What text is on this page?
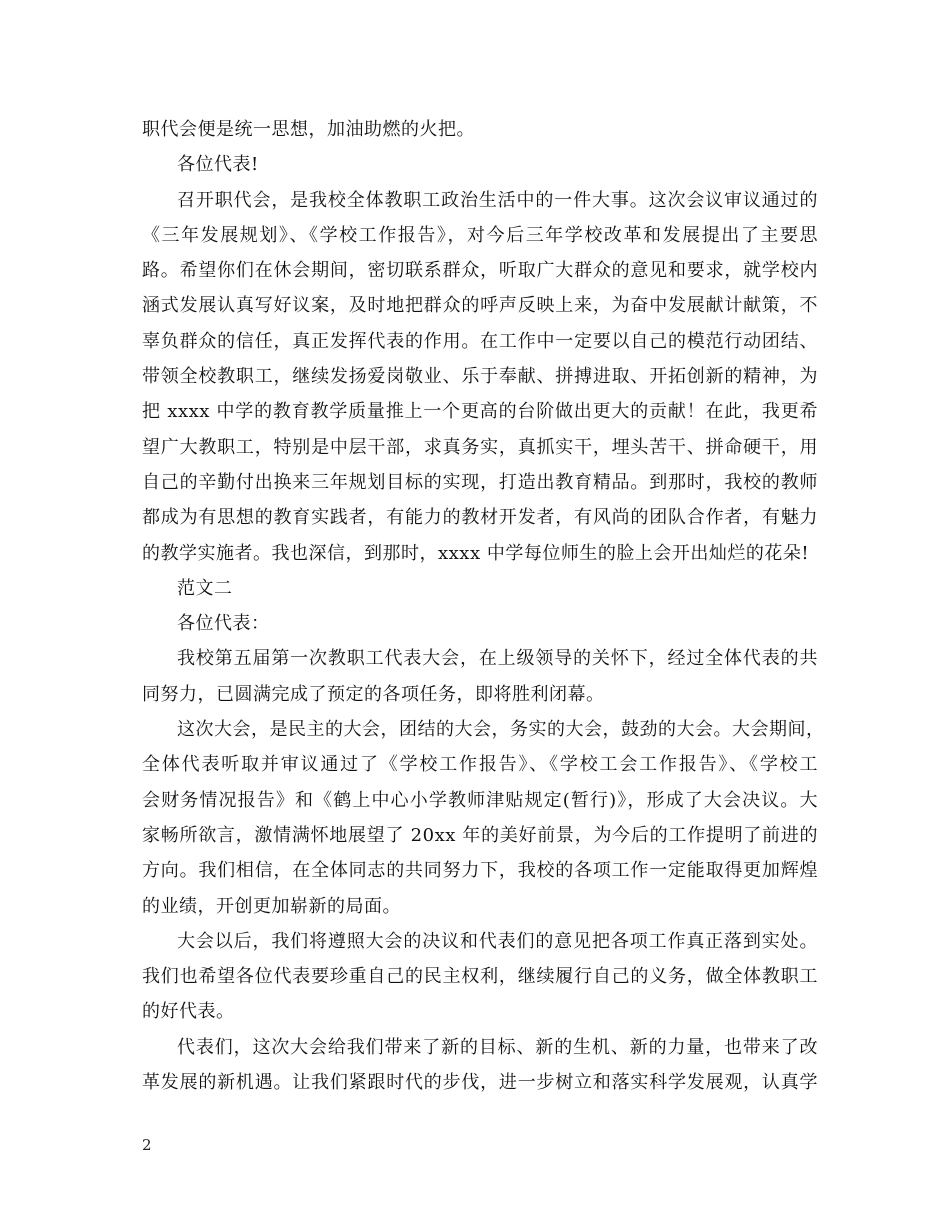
职代会便是统一思想，加油助燃的火把。
各位代表!
召开职代会，是我校全体教职工政治生活中的一件大事。这次会议审议通过的
《三年发展规划》、《学校工作报告》，对今后三年学校改革和发展提出了主要思
路。希望你们在休会期间，密切联系群众，听取广大群众的意见和要求，就学校内
涵式发展认真写好议案，及时地把群众的呼声反映上来，为奋中发展献计献策，不
辜负群众的信任，真正发挥代表的作用。在工作中一定要以自己的模范行动团结、
带领全校教职工，继续发扬爱岗敬业、乐于奉献、拼搏进取、开拓创新的精神，为
把 xxxx 中学的教育教学质量推上一个更高的台阶做出更大的贡献！在此，我更希
望广大教职工，特别是中层干部，求真务实，真抓实干，埋头苦干、拼命硬干，用
自己的辛勤付出换来三年规划目标的实现，打造出教育精品。到那时，我校的教师
都成为有思想的教育实践者，有能力的教材开发者，有风尚的团队合作者，有魅力
的教学实施者。我也深信，到那时，xxxx 中学每位师生的脸上会开出灿烂的花朵!
范文二
各位代表：
我校第五届第一次教职工代表大会，在上级领导的关怀下，经过全体代表的共
同努力，已圆满完成了预定的各项任务，即将胜利闭幕。
这次大会，是民主的大会，团结的大会，务实的大会，鼓劲的大会。大会期间，
全体代表听取并审议通过了《学校工作报告》、《学校工会工作报告》、《学校工
会财务情况报告》和《鹤上中心小学教师津贴规定(暂行)》，形成了大会决议。大
家畅所欲言，激情满怀地展望了 20xx 年的美好前景，为今后的工作提明了前进的
方向。我们相信，在全体同志的共同努力下，我校的各项工作一定能取得更加辉煌
的业绩，开创更加崭新的局面。
大会以后，我们将遵照大会的决议和代表们的意见把各项工作真正落到实处。
我们也希望各位代表要珍重自己的民主权利，继续履行自己的义务，做全体教职工
的好代表。
代表们，这次大会给我们带来了新的目标、新的生机、新的力量，也带来了改
革发展的新机遇。让我们紧跟时代的步伐，进一步树立和落实科学发展观，认真学
2
